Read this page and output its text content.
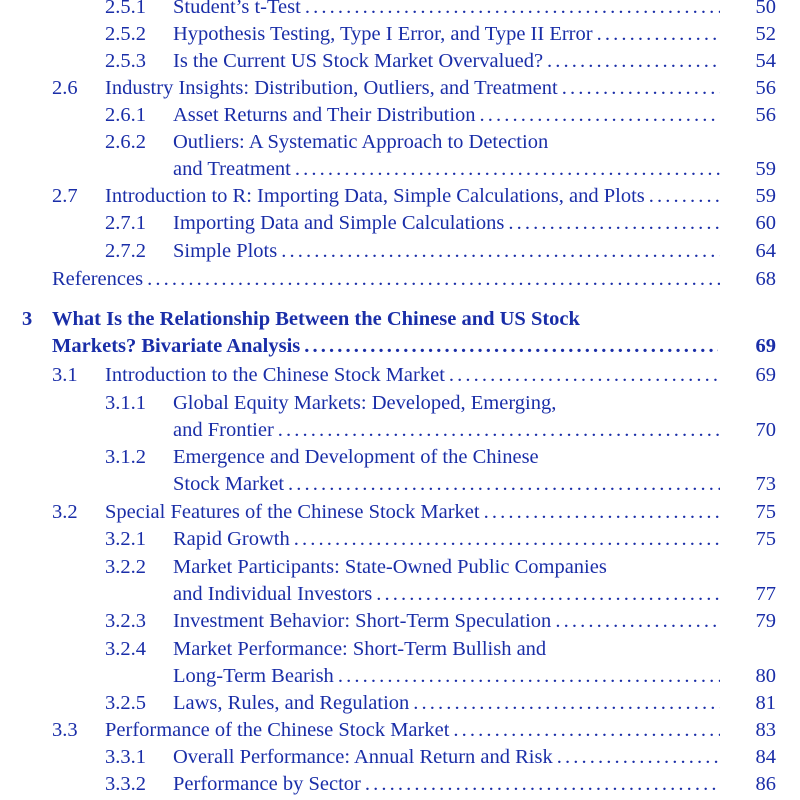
2.5.1 Student’s t-Test . . .	50
2.5.2 Hypothesis Testing, Type I Error, and Type II Error . . .	52
2.5.3 Is the Current US Stock Market Overvalued? . . .	54
2.6 Industry Insights: Distribution, Outliers, and Treatment . . .	56
2.6.1 Asset Returns and Their Distribution . . .	56
2.6.2 Outliers: A Systematic Approach to Detection
and Treatment . . .	59
2.7 Introduction to R: Importing Data, Simple Calculations, and Plots . . .	59
2.7.1 Importing Data and Simple Calculations . . .	60
2.7.2 Simple Plots . . .	64
References . . .	68
3 What Is the Relationship Between the Chinese and US Stock
Markets? Bivariate Analysis . . .	69
3.1 Introduction to the Chinese Stock Market . . .	69
3.1.1 Global Equity Markets: Developed, Emerging,
and Frontier . . .	70
3.1.2 Emergence and Development of the Chinese
Stock Market . . .	73
3.2 Special Features of the Chinese Stock Market . . .	75
3.2.1 Rapid Growth . . .	75
3.2.2 Market Participants: State-Owned Public Companies
and Individual Investors . . .	77
3.2.3 Investment Behavior: Short-Term Speculation . . .	79
3.2.4 Market Performance: Short-Term Bullish and
Long-Term Bearish . . .	80
3.2.5 Laws, Rules, and Regulation . . .	81
3.3 Performance of the Chinese Stock Market . . .	83
3.3.1 Overall Performance: Annual Return and Risk . . .	84
3.3.2 Performance by Sector . . .	86
